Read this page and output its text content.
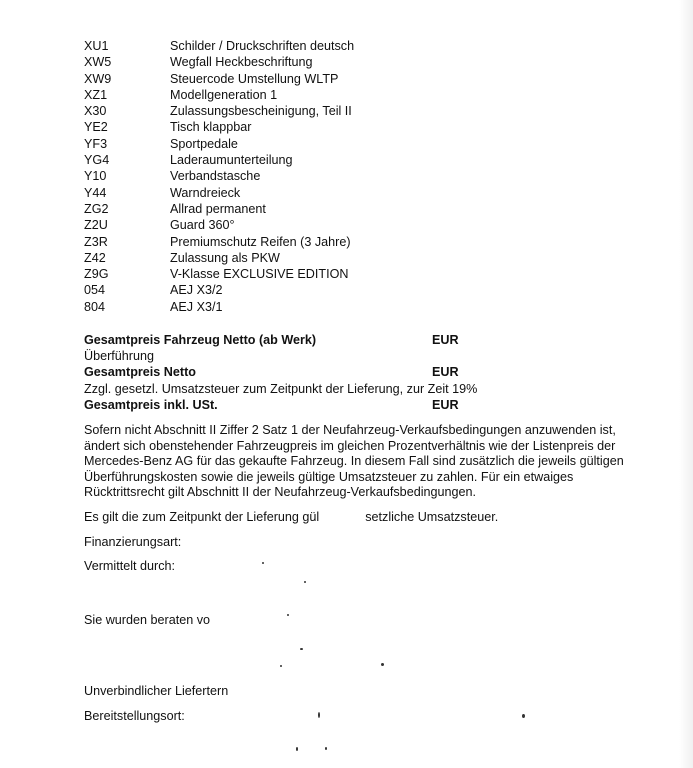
XU1	Schilder / Druckschriften deutsch
XW5	Wegfall Heckbeschriftung
XW9	Steuercode Umstellung WLTP
XZ1	Modellgeneration 1
X30	Zulassungsbescheinigung, Teil II
YE2	Tisch klappbar
YF3	Sportpedale
YG4	Laderaumunterteilung
Y10	Verbandstasche
Y44	Warndreieck
ZG2	Allrad permanent
Z2U	Guard 360°
Z3R	Premiumschutz Reifen (3 Jahre)
Z42	Zulassung als PKW
Z9G	V-Klasse EXCLUSIVE EDITION
054	AEJ X3/2
804	AEJ X3/1
Gesamtpreis Fahrzeug Netto (ab Werk)	EUR
Überführung
Gesamtpreis Netto	EUR
Zzgl. gesetzl. Umsatzsteuer zum Zeitpunkt der Lieferung, zur Zeit 19%
Gesamtpreis inkl. USt.	EUR
Sofern nicht Abschnitt II Ziffer 2 Satz 1 der Neufahrzeug-Verkaufsbedingungen anzuwenden ist,
ändert sich obenstehender Fahrzeugpreis im gleichen Prozentverhältnis wie der Listenpreis der
Mercedes-Benz AG für das gekaufte Fahrzeug. In diesem Fall sind zusätzlich die jeweils gültigen
Überführungskosten sowie die jeweils gültige Umsatzsteuer zu zahlen. Für ein etwaiges
Rücktrittsrecht gilt Abschnitt II der Neufahrzeug-Verkaufsbedingungen.
Es gilt die zum Zeitpunkt der Lieferung gül	setzliche Umsatzsteuer.
Finanzierungsart:
Vermittelt durch:
Sie wurden beraten vo
Unverbindlicher Liefertern
Bereitstellungsort:
